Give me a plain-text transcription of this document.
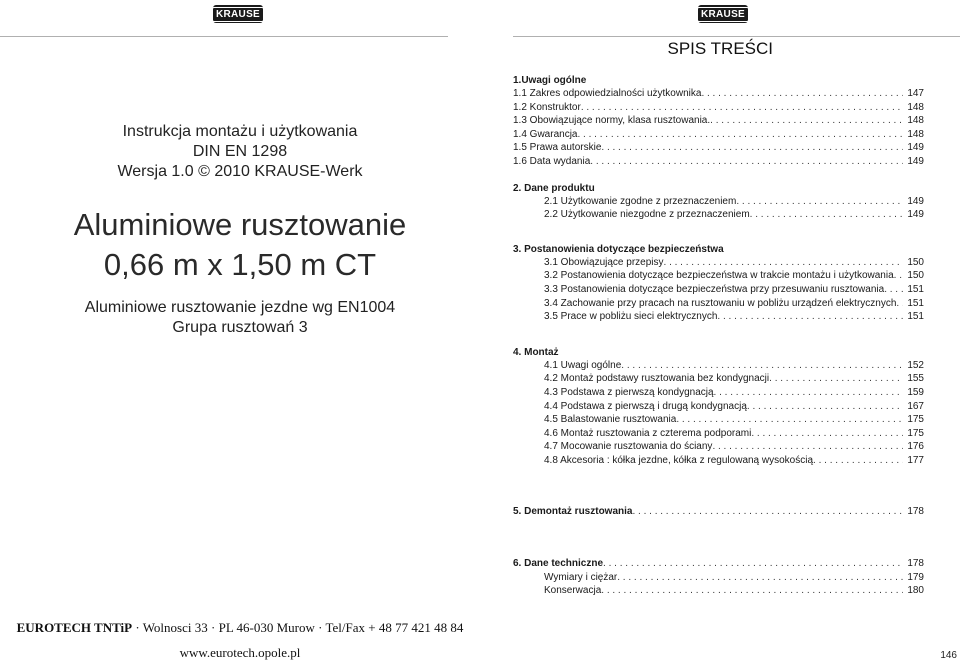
KRAUSE	KRAUSE
SPIS TREŚCI
Instrukcja montażu i użytkowania
DIN EN 1298
Wersja 1.0 © 2010 KRAUSE-Werk
Aluminiowe rusztowanie
0,66 m x 1,50 m CT
Aluminiowe rusztowanie jezdne wg EN1004
Grupa rusztowań 3
1.Uwagi ogólne
1.1 Zakres odpowiedzialności użytkownika . . .	147
1.2 Konstruktor . . .	148
1.3 Obowiązujące normy, klasa rusztowania. . . .	148
1.4 Gwarancja . . .	148
1.5 Prawa autorskie . . .	149
1.6 Data wydania . . .	149
2. Dane produktu
2.1 Użytkowanie zgodne z przeznaczeniem . . .	149
2.2 Użytkowanie niezgodne z przeznaczeniem . . .	149
3. Postanowienia dotyczące bezpieczeństwa
3.1 Obowiązujące przepisy . . .	150
3.2 Postanowienia dotyczące bezpieczeństwa w trakcie montażu i użytkowania . . .	150
3.3 Postanowienia dotyczące bezpieczeństwa przy przesuwaniu rusztowania . . .	151
3.4 Zachowanie przy pracach na rusztowaniu w pobliżu urządzeń elektrycznych . . .	151
3.5 Prace w pobliżu sieci elektrycznych . . .	151
4. Montaż
4.1 Uwagi ogólne . . .	152
4.2 Montaż podstawy rusztowania bez kondygnacji . . .	155
4.3 Podstawa z pierwszą kondygnacją . . .	159
4.4 Podstawa z pierwszą i drugą kondygnacją . . .	167
4.5 Balastowanie rusztowania . . .	175
4.6 Montaż rusztowania z czterema podporami . . .	175
4.7 Mocowanie rusztowania do ściany . . .	176
4.8 Akcesoria : kółka jezdne, kółka z regulowaną wysokością . . .	177
5. Demontaż rusztowania . . .	178
6. Dane techniczne . . .	178
Wymiary i ciężar . . .	179
Konserwacja . . .	180
EUROTECH TNTiP · Wolnosci 33 · PL 46-030 Murow · Tel/Fax + 48 77 421 48 84
www.eurotech.opole.pl	146
